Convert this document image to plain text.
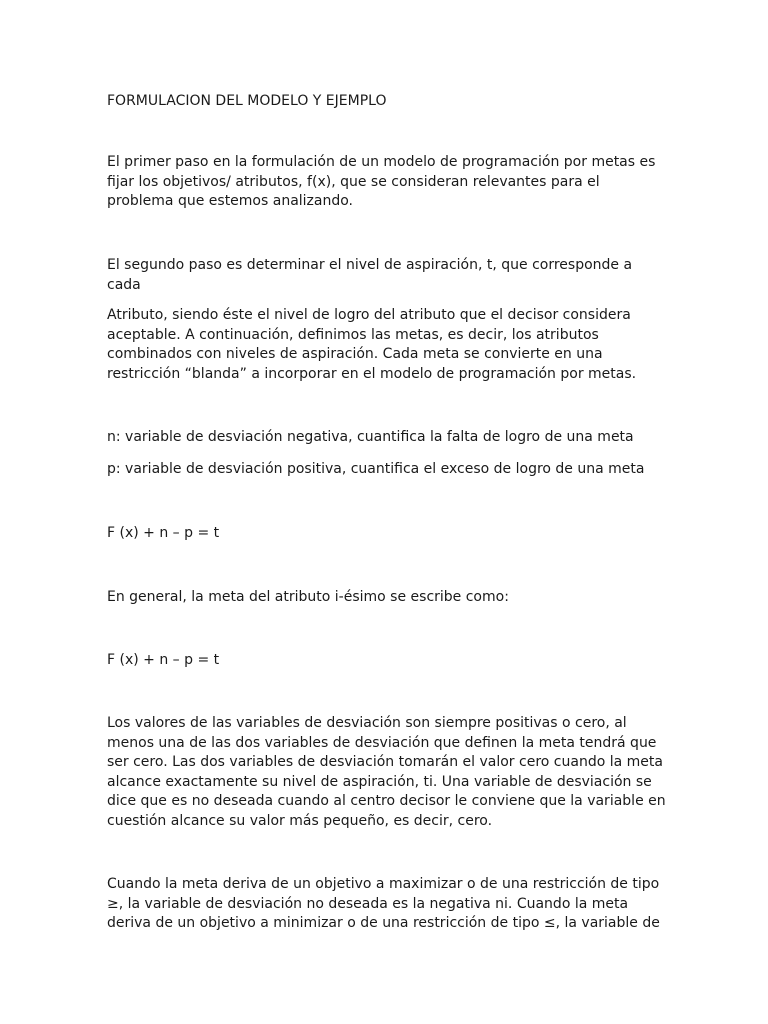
FORMULACION DEL MODELO Y EJEMPLO

El primer paso en la formulación de un modelo de programación por metas es fijar los objetivos/ atributos, f(x), que se consideran relevantes para el problema que estemos analizando.

El segundo paso es determinar el nivel de aspiración, t, que corresponde a cada

Atributo, siendo éste el nivel de logro del atributo que el decisor considera aceptable. A continuación, definimos las metas, es decir, los atributos combinados con niveles de aspiración. Cada meta se convierte en una restricción “blanda” a incorporar en el modelo de programación por metas.

n: variable de desviación negativa, cuantifica la falta de logro de una meta

p: variable de desviación positiva, cuantifica el exceso de logro de una meta

F (x) + n – p = t

En general, la meta del atributo i-ésimo se escribe como:

F (x) + n – p = t

Los valores de las variables de desviación son siempre positivas o cero, al menos una de las dos variables de desviación que definen la meta tendrá que ser cero. Las dos variables de desviación tomarán el valor cero cuando la meta alcance exactamente su nivel de aspiración, ti. Una variable de desviación se dice que es no deseada cuando al centro decisor le conviene que la variable en cuestión alcance su valor más pequeño, es decir, cero.

Cuando la meta deriva de un objetivo a maximizar o de una restricción de tipo ≥, la variable de desviación no deseada es la negativa ni. Cuando la meta deriva de un objetivo a minimizar o de una restricción de tipo ≤, la variable de
